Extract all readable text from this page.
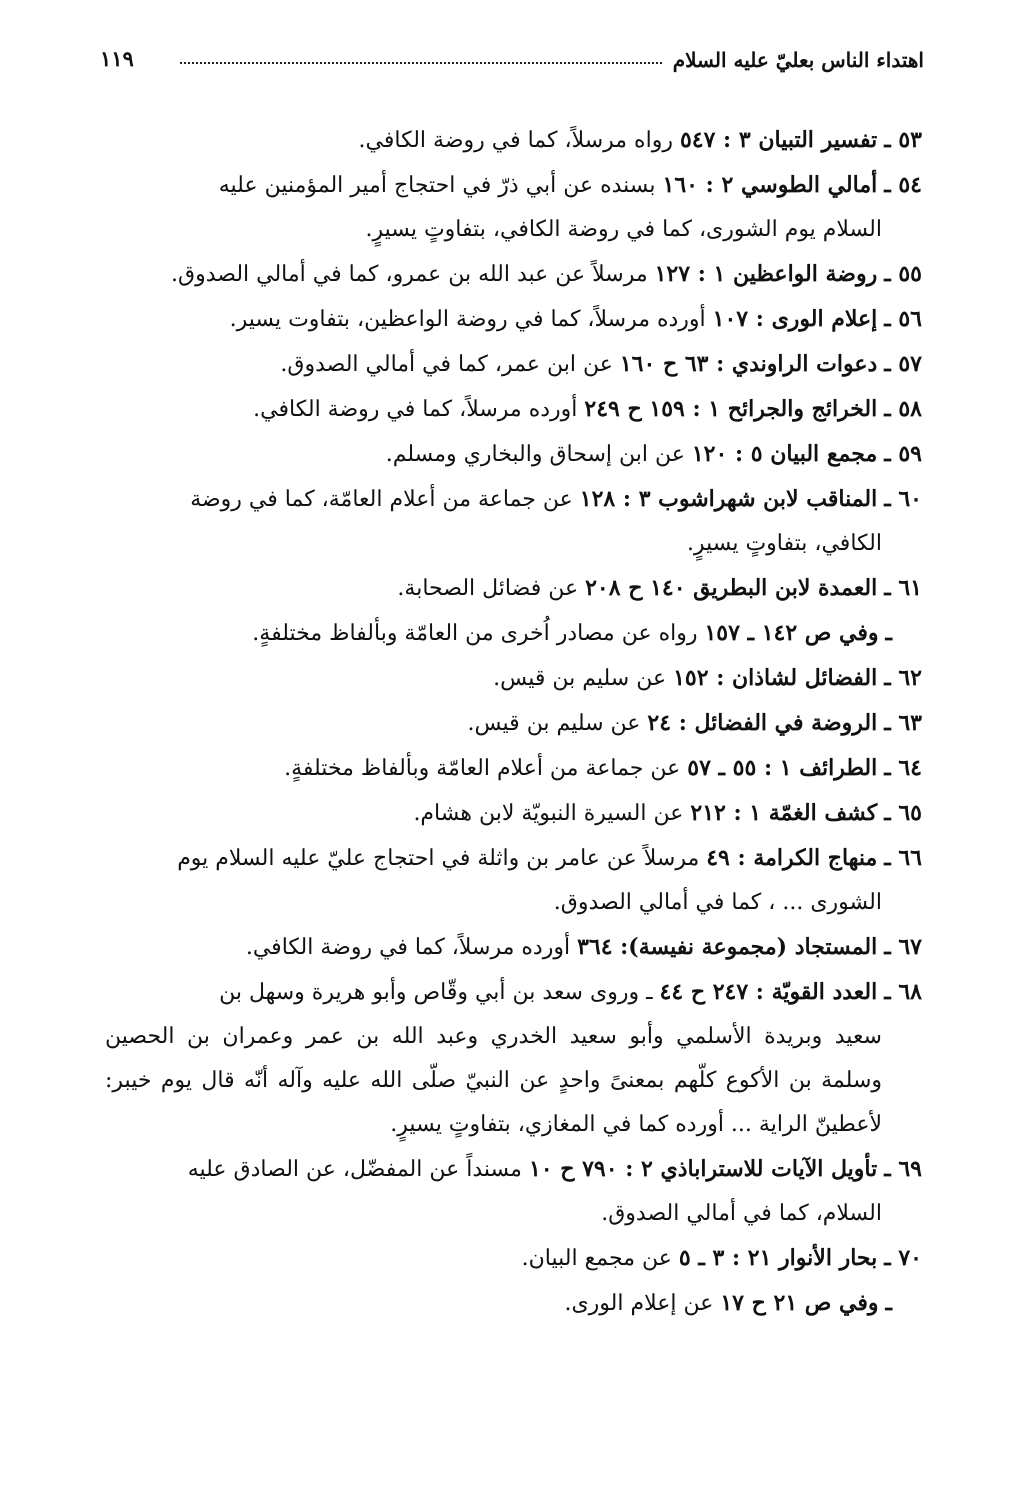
اهتداء الناس بعليّ عليه السلام
١١٩
٥٣ ـ تفسير التبيان ٣ : ٥٤٧ رواه مرسلاً، كما في روضة الكافي.
٥٤ ـ أمالي الطوسي ٢ : ١٦٠ بسنده عن أبي ذرّ في احتجاج أمير المؤمنين عليه
السلام يوم الشورى، كما في روضة الكافي، بتفاوتٍ يسيرٍ.
٥٥ ـ روضة الواعظين ١ : ١٢٧ مرسلاً عن عبد الله بن عمرو، كما في أمالي الصدوق.
٥٦ ـ إعلام الورى : ١٠٧ أورده مرسلاً، كما في روضة الواعظين، بتفاوت يسير.
٥٧ ـ دعوات الراوندي : ٦٣ ح ١٦٠ عن ابن عمر، كما في أمالي الصدوق.
٥٨ ـ الخرائج والجرائح ١ : ١٥٩ ح ٢٤٩ أورده مرسلاً، كما في روضة الكافي.
٥٩ ـ مجمع البيان ٥ : ١٢٠ عن ابن إسحاق والبخاري ومسلم.
٦٠ ـ المناقب لابن شهراشوب ٣ : ١٢٨ عن جماعة من أعلام العامّة، كما في روضة
الكافي، بتفاوتٍ يسيرٍ.
٦١ ـ العمدة لابن البطريق ١٤٠ ح ٢٠٨ عن فضائل الصحابة.
ـ وفي ص ١٤٢ ـ ١٥٧ رواه عن مصادر اُخرى من العامّة وبألفاظ مختلفةٍ.
٦٢ ـ الفضائل لشاذان : ١٥٢ عن سليم بن قيس.
٦٣ ـ الروضة في الفضائل : ٢٤ عن سليم بن قيس.
٦٤ ـ الطرائف ١ : ٥٥ ـ ٥٧ عن جماعة من أعلام العامّة وبألفاظ مختلفةٍ.
٦٥ ـ كشف الغمّة ١ : ٢١٢ عن السيرة النبويّة لابن هشام.
٦٦ ـ منهاج الكرامة : ٤٩ مرسلاً عن عامر بن واثلة في احتجاج عليّ عليه السلام يوم
الشورى ... ، كما في أمالي الصدوق.
٦٧ ـ المستجاد (مجموعة نفيسة): ٣٦٤ أورده مرسلاً، كما في روضة الكافي.
٦٨ ـ العدد القويّة : ٢٤٧ ح ٤٤ ـ وروى سعد بن أبي وقّاص وأبو هريرة وسهل بن
سعيد وبريدة الأسلمي وأبو سعيد الخدري وعبد الله بن عمر وعمران بن الحصين وسلمة بن الأكوع كلّهم بمعنىً واحدٍ عن النبيّ صلّى الله عليه وآله أنّه قال يوم خيبر: لأعطينّ الراية ... أورده كما في المغازي، بتفاوتٍ يسيرٍ.
٦٩ ـ تأويل الآيات للاستراباذي ٢ : ٧٩٠ ح ١٠ مسنداً عن المفضّل، عن الصادق عليه
السلام، كما في أمالي الصدوق.
٧٠ ـ بحار الأنوار ٢١ : ٣ ـ ٥ عن مجمع البيان.
ـ وفي ص ٢١ ح ١٧ عن إعلام الورى.
